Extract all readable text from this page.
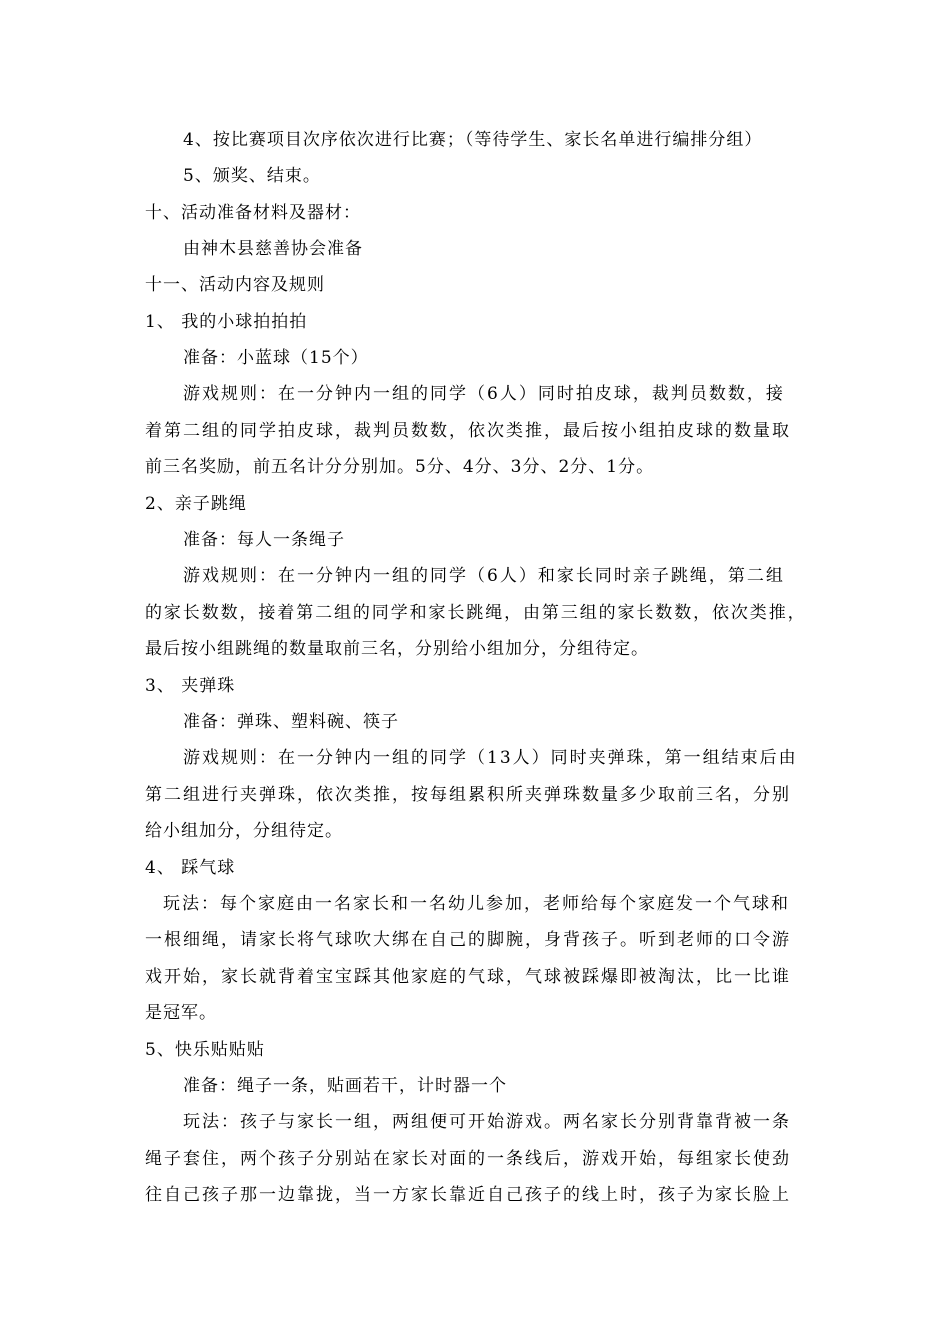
4、按比赛项目次序依次进行比赛；（等待学生、家长名单进行编排分组）
5、颁奖、结束。
十、活动准备材料及器材：
由神木县慈善协会准备
十一、活动内容及规则
1、 我的小球拍拍拍
准备：小蓝球（15个）
游戏规则：在一分钟内一组的同学（6人）同时拍皮球，裁判员数数，接
着第二组的同学拍皮球，裁判员数数，依次类推，最后按小组拍皮球的数量取
前三名奖励，前五名计分分别加。5分、4分、3分、2分、1分。
2、亲子跳绳
准备：每人一条绳子
游戏规则：在一分钟内一组的同学（6人）和家长同时亲子跳绳，第二组
的家长数数，接着第二组的同学和家长跳绳，由第三组的家长数数，依次类推，
最后按小组跳绳的数量取前三名，分别给小组加分，分组待定。
3、 夹弹珠
准备：弹珠、塑料碗、筷子
游戏规则：在一分钟内一组的同学（13人）同时夹弹珠，第一组结束后由
第二组进行夹弹珠，依次类推，按每组累积所夹弹珠数量多少取前三名，分别
给小组加分，分组待定。
4、 踩气球
玩法：每个家庭由一名家长和一名幼儿参加，老师给每个家庭发一个气球和
一根细绳，请家长将气球吹大绑在自己的脚腕，身背孩子。听到老师的口令游
戏开始，家长就背着宝宝踩其他家庭的气球，气球被踩爆即被淘汰，比一比谁
是冠军。
5、快乐贴贴贴
准备：绳子一条，贴画若干，计时器一个
玩法：孩子与家长一组，两组便可开始游戏。两名家长分别背靠背被一条
绳子套住，两个孩子分别站在家长对面的一条线后，游戏开始，每组家长使劲
往自己孩子那一边靠拢，当一方家长靠近自己孩子的线上时，孩子为家长脸上
